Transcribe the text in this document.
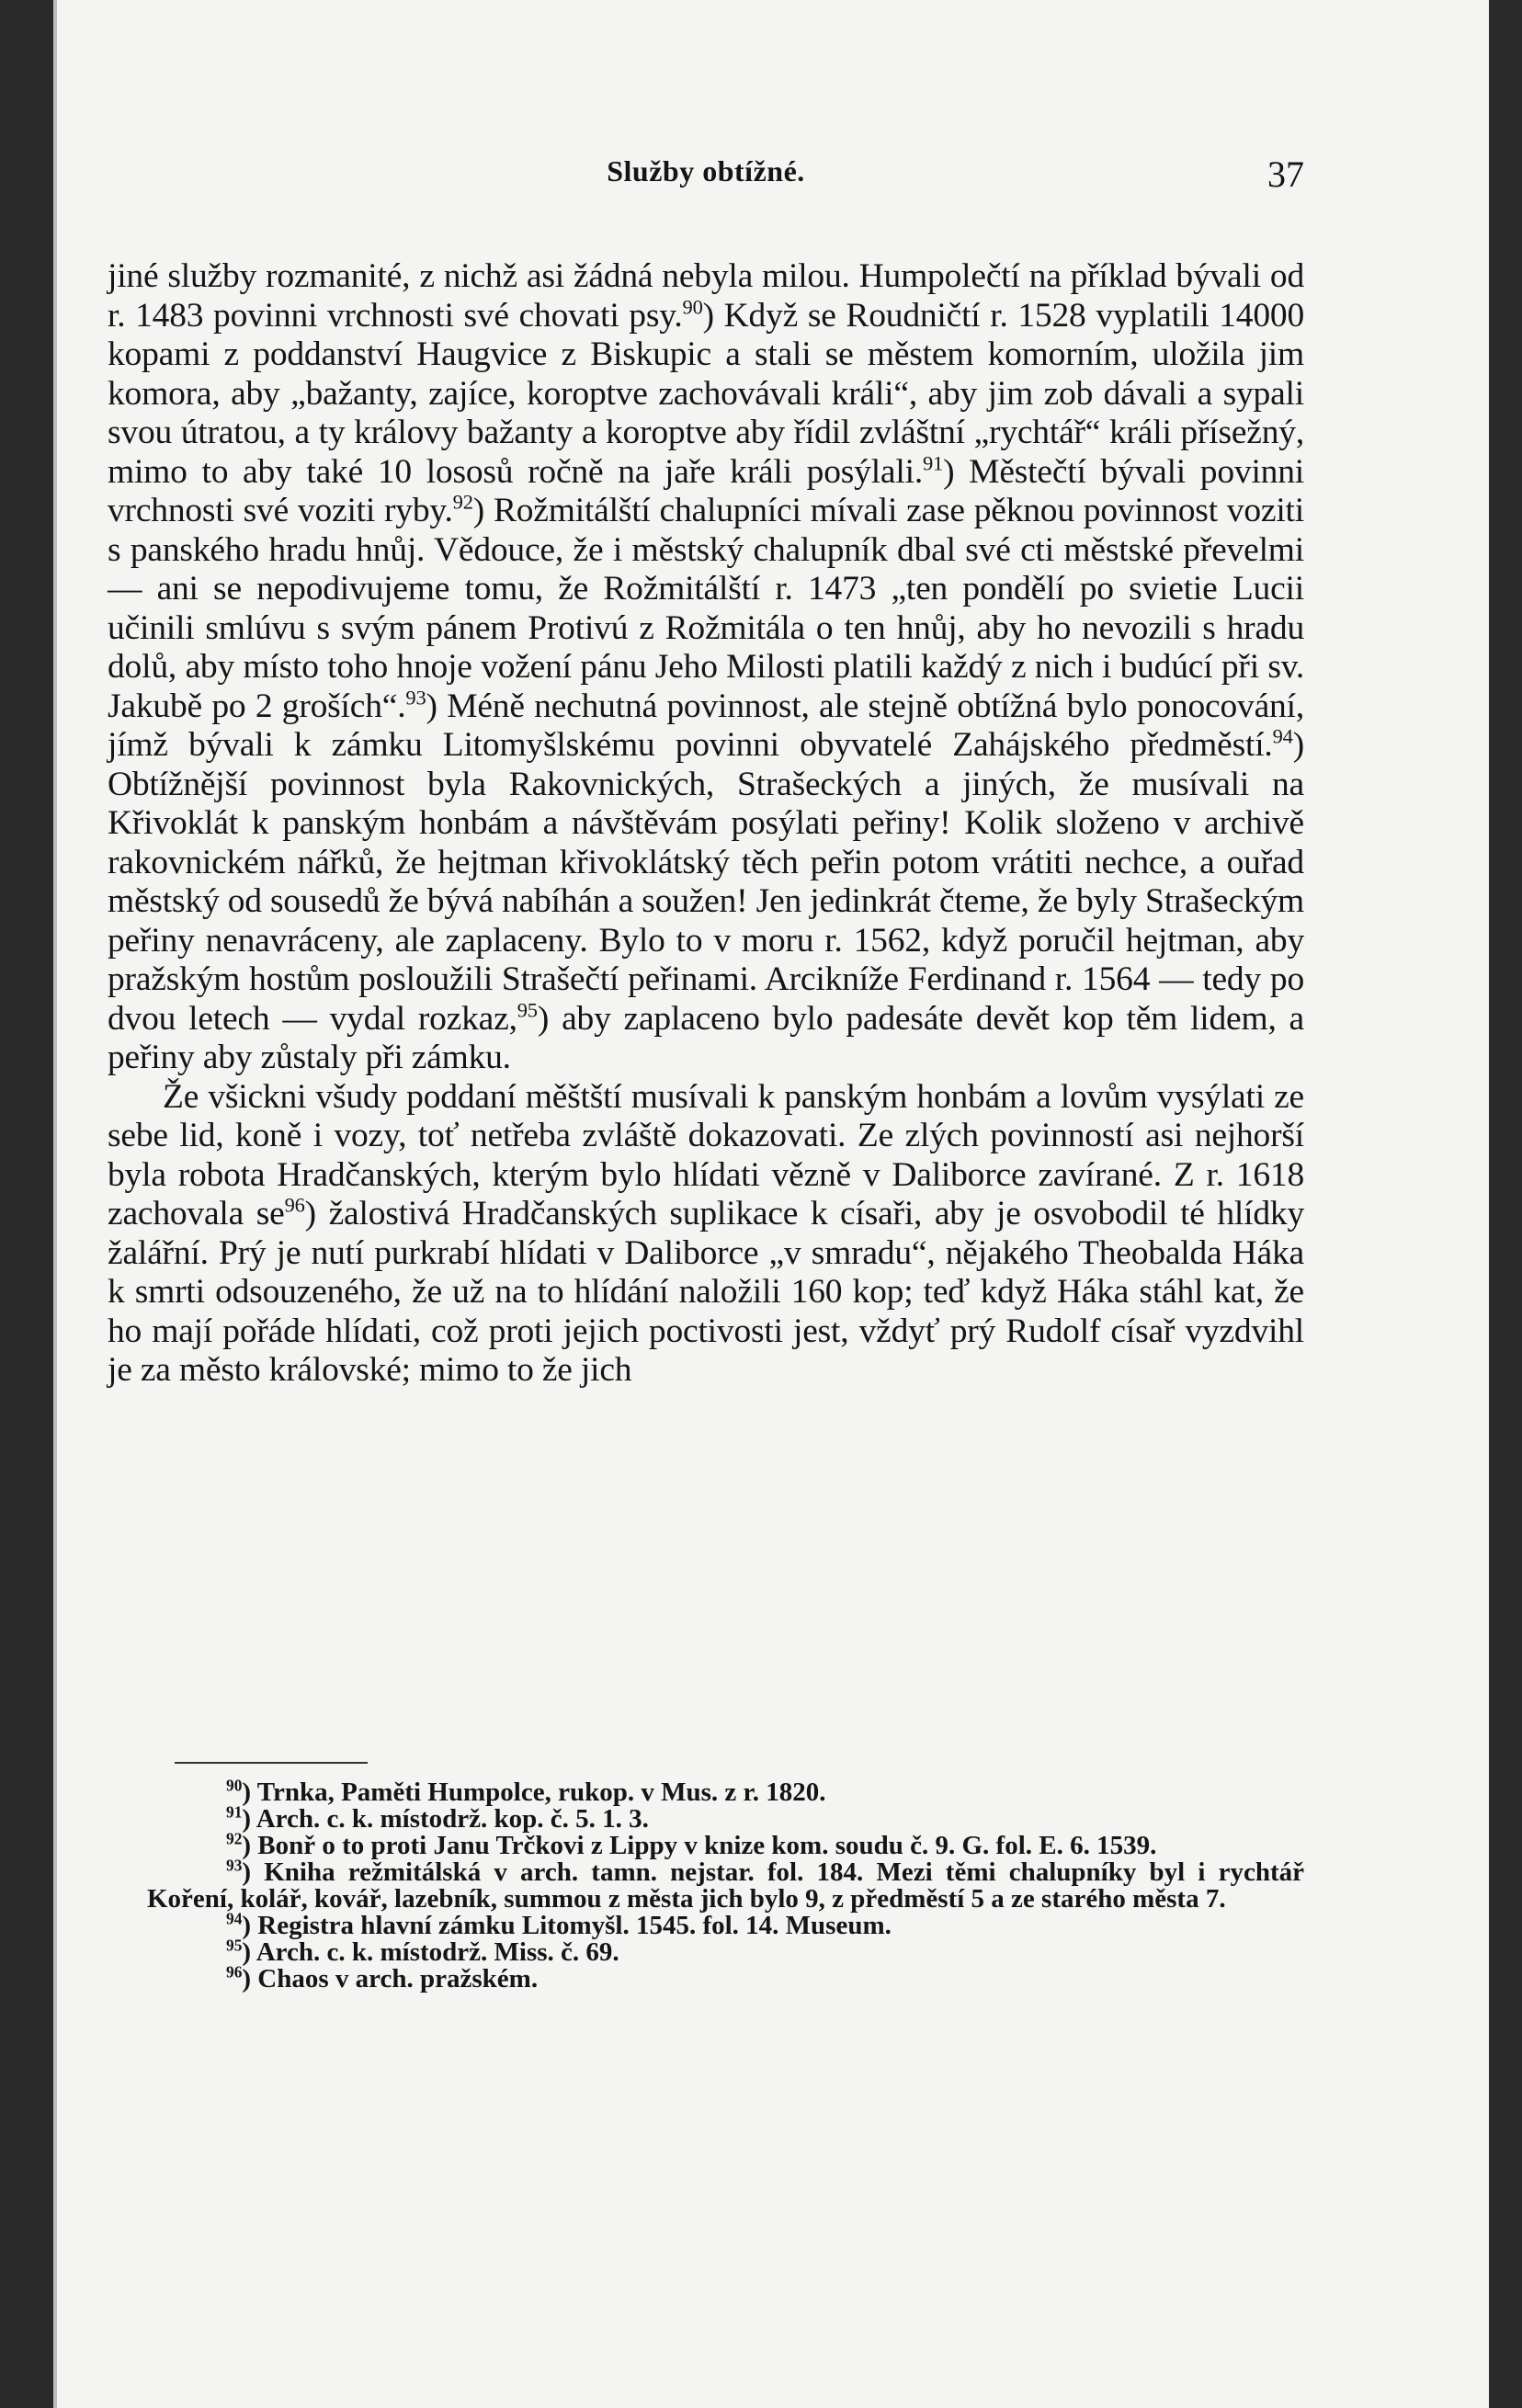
Služby obtížné.	37

jiné služby rozmanité, z nichž asi žádná nebyla milou. Humpolečtí na příklad bývali od r. 1483 povinni vrchnosti své chovati psy.$^{90}$) Když se Roudničtí r. 1528 vyplatili 14000 kopami z poddanství Haugvice z Biskupic a stali se městem komorním, uložila jim komora, aby „bažanty, zajíce, koroptve zachovávali králi“, aby jim zob dávali a sypali svou útratou, a ty královy bažanty a koroptve aby řídil zvláštní „rychtář“ králi přísežný, mimo to aby také 10 lososů ročně na jaře králi posýlali.$^{91}$) Městečtí bývali povinni vrchnosti své voziti ryby.$^{92}$) Rožmitálští chalupníci mívali zase pěknou povinnost voziti s panského hradu hnůj. Vědouce, že i městský chalupník dbal své cti městské převelmi — ani se nepodivujeme tomu, že Rožmitálští r. 1473 „ten pondělí po svietie Lucii učinili smlúvu s svým pánem Protivú z Rožmitála o ten hnůj, aby ho nevozili s hradu dolů, aby místo toho hnoje vožení pánu Jeho Milosti platili každý z nich i budúcí při sv. Jakubě po 2 groších“.$^{93}$) Méně nechutná povinnost, ale stejně obtížná bylo ponocování, jímž bývali k zámku Litomyšlskému povinni obyvatelé Zahájského předměstí.$^{94}$) Obtížnější povinnost byla Rakovnických, Strašeckých a jiných, že musívali na Křivoklát k panským honbám a návštěvám posýlati peřiny! Kolik složeno v archivě rakovnickém nářků, že hejtman křivoklátský těch peřin potom vrátiti nechce, a ouřad městský od sousedů že bývá nabíhán a soužen! Jen jedinkrát čteme, že byly Strašeckým peřiny nenavráceny, ale zaplaceny. Bylo to v moru r. 1562, když poručil hejtman, aby pražským hostům posloužili Strašečtí peřinami. Arcikníže Ferdinand r. 1564 — tedy po dvou letech — vydal rozkaz,$^{95}$) aby zaplaceno bylo padesáte devět kop těm lidem, a peřiny aby zůstaly při zámku.

Že všickni všudy poddaní měštští musívali k panským honbám a lovům vysýlati ze sebe lid, koně i vozy, toť netřeba zvláště dokazovati. Ze zlých povinností asi nejhorší byla robota Hradčanských, kterým bylo hlídati vězně v Daliborce zavírané. Z r. 1618 zachovala $se^{96}$) žalostivá Hradčanských suplikace k císaři, aby je osvobodil té hlídky žalářní. Prý je nutí purkrabí hlídati v Daliborce „v smradu“, nějakého Theobalda Háka k smrti odsouzeného, že už na to hlídání naložili 160 kop; teď když Háka stáhl kat, že ho mají pořáde hlídati, což proti jejich poctivosti jest, vždyť prý Rudolf císař vyzdvihl je za město královské; mimo to že jich

$^{90}$) Trnka, Paměti Humpolce, rukop. v Mus. z r. 1820.

$^{91}$) Arch. c. k. místodrž. kop. č. 5. 1. 3.

$^{92}$) Bonř o to proti Janu Trčkovi z Lippy v knize kom. soudu č. 9. G. fol. E. 6. 1539.

$^{93}$) Kniha režmitálská v arch. tamn. nejstar. fol. 184. Mezi těmi chalupníky byl i rychtář Koření, kolář, kovář, lazebník, summou z města jich bylo 9, z předměstí 5 a ze starého města 7.

$^{94}$) Registra hlavní zámku Litomyšl. 1545. fol. 14. Museum.

$^{95}$) Arch. c. k. místodrž. Miss. č. 69.

$^{96}$) Chaos v arch. pražském.
